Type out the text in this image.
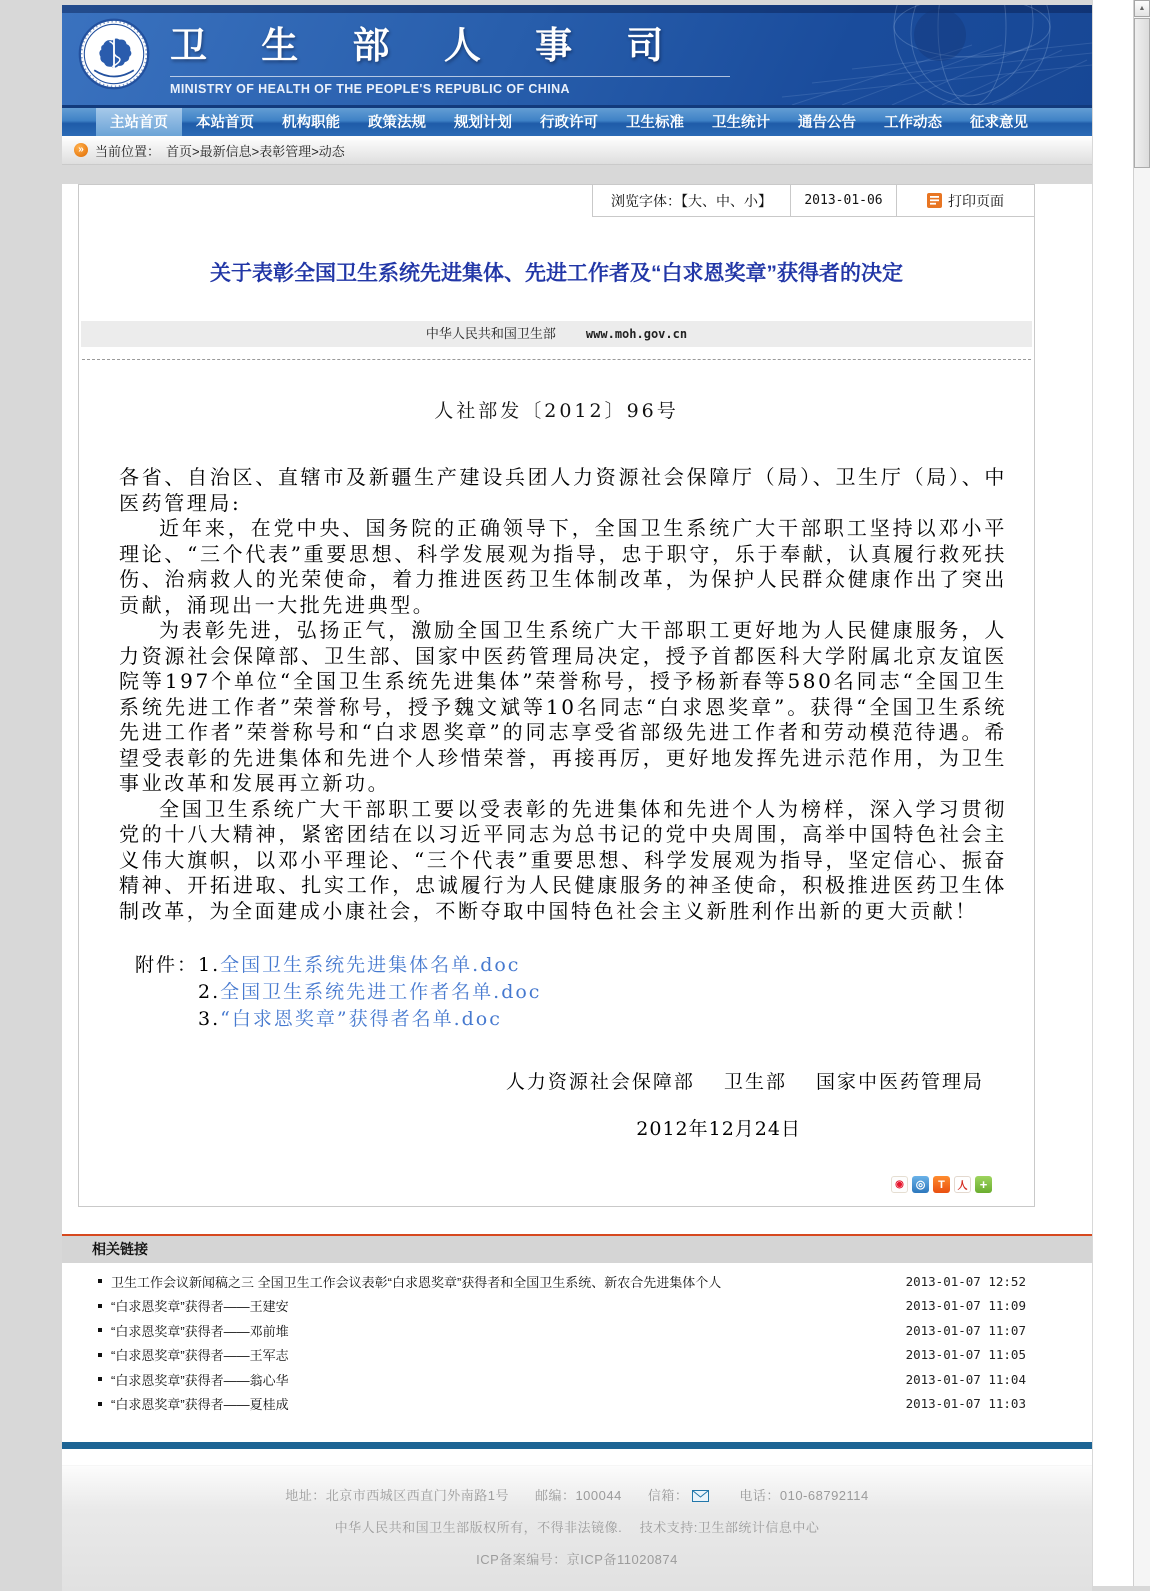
▲
卫 生 部 人 事 司
MINISTRY OF HEALTH OF THE PEOPLE'S REPUBLIC OF CHINA
主站首页	本站首页	机构职能	政策法规	规划计划	行政许可	卫生标准	卫生统计	通告公告	工作动态	征求意见
» 当前位置： 首页>最新信息>表彰管理>动态
浏览字体：【大、中、小】	2013-01-06	打印页面
关于表彰全国卫生系统先进集体、先进工作者及“白求恩奖章”获得者的决定
中华人民共和国卫生部	www.moh.gov.cn
人社部发〔2012〕96号

各省、自治区、直辖市及新疆生产建设兵团人力资源社会保障厅（局）、卫生厅（局）、中医药管理局:

近年来，在党中央、国务院的正确领导下，全国卫生系统广大干部职工坚持以邓小平理论、“三个代表”重要思想、科学发展观为指导，忠于职守，乐于奉献，认真履行救死扶伤、治病救人的光荣使命，着力推进医药卫生体制改革，为保护人民群众健康作出了突出贡献，涌现出一大批先进典型。

为表彰先进，弘扬正气，激励全国卫生系统广大干部职工更好地为人民健康服务，人力资源社会保障部、卫生部、国家中医药管理局决定，授予首都医科大学附属北京友谊医院等197个单位“全国卫生系统先进集体”荣誉称号，授予杨新春等580名同志“全国卫生系统先进工作者”荣誉称号，授予魏文斌等10名同志“白求恩奖章”。获得“全国卫生系统先进工作者”荣誉称号和“白求恩奖章”的同志享受省部级先进工作者和劳动模范待遇。希望受表彰的先进集体和先进个人珍惜荣誉，再接再厉，更好地发挥先进示范作用，为卫生事业改革和发展再立新功。

全国卫生系统广大干部职工要以受表彰的先进集体和先进个人为榜样，深入学习贯彻党的十八大精神，紧密团结在以习近平同志为总书记的党中央周围，高举中国特色社会主义伟大旗帜，以邓小平理论、“三个代表”重要思想、科学发展观为指导，坚定信心、振奋精神、开拓进取、扎实工作，忠诚履行为人民健康服务的神圣使命，积极推进医药卫生体制改革，为全面建成小康社会，不断夺取中国特色社会主义新胜利作出新的更大贡献！

附件： 1.全国卫生系统先进集体名单.doc
2.全国卫生系统先进工作者名单.doc
3.“白求恩奖章”获得者名单.doc
人力资源社会保障部　 卫生部 　国家中医药管理局
2012年12月24日
◉
◎
T
人
+
相关链接
卫生工作会议新闻稿之三 全国卫生工作会议表彰“白求恩奖章”获得者和全国卫生系统、新农合先进集体个人	2013-01-07 12:52
“白求恩奖章”获得者——王建安	2013-01-07 11:09
“白求恩奖章”获得者——邓前堆	2013-01-07 11:07
“白求恩奖章”获得者——王军志	2013-01-07 11:05
“白求恩奖章”获得者——翁心华	2013-01-07 11:04
“白求恩奖章”获得者——夏桂成	2013-01-07 11:03
地址：北京市西城区西直门外南路1号 邮编：100044 信箱：	电话：010-68792114
中华人民共和国卫生部版权所有，不得非法镜像.　 技术支持:卫生部统计信息中心
ICP备案编号：京ICP备11020874
